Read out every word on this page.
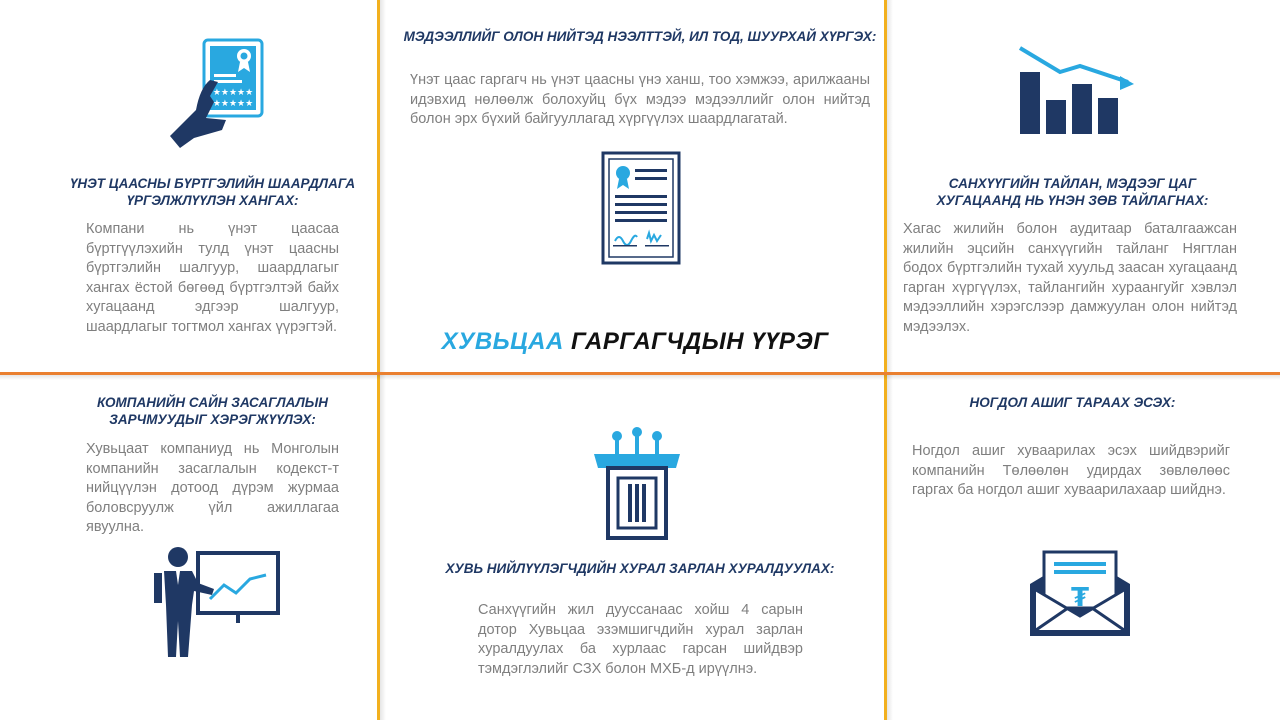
★★★★★
★★★★★
ҮНЭТ ЦААСНЫ БҮРТГЭЛИЙН ШААРДЛАГА ҮРГЭЛЖЛҮҮЛЭН ХАНГАХ:
Компани нь үнэт цаасаа бүртгүүлэхийн тулд үнэт цаасны бүртгэлийн шалгуур, шаардлагыг хангах ёстой бөгөөд бүртгэлтэй байх хугацаанд эдгээр шалгуур, шаардлагыг тогтмол хангах үүрэгтэй.
МЭДЭЭЛЛИЙГ ОЛОН НИЙТЭД НЭЭЛТТЭЙ, ИЛ ТОД, ШУУРХАЙ ХҮРГЭХ:
Үнэт цаас гаргагч нь үнэт цаасны үнэ ханш, тоо хэмжээ, арилжааны идэвхид нөлөөлж болохуйц бүх мэдээ мэдээллийг олон нийтэд болон эрх бүхий байгууллагад хүргүүлэх шаардлагатай.
ХУВЬЦАА ГАРГАГЧДЫН ҮҮРЭГ
САНХҮҮГИЙН ТАЙЛАН, МЭДЭЭГ ЦАГ ХУГАЦААНД НЬ ҮНЭН ЗӨВ ТАЙЛАГНАХ:
Хагас жилийн болон аудитаар баталгаажсан жилийн эцсийн санхүүгийн тайланг Нягтлан бодох бүртгэлийн тухай хуульд заасан хугацаанд гарган хүргүүлэх, тайлангийн хураангуйг хэвлэл мэдээллийн хэрэгслээр дамжуулан олон нийтэд мэдээлэх.
КОМПАНИЙН САЙН ЗАСАГЛАЛЫН ЗАРЧМУУДЫГ ХЭРЭГЖҮҮЛЭХ:
Хувьцаат компаниуд нь Монголын компанийн засаглалын кодекст-т нийцүүлэн дотоод дүрэм журмаа боловсруулж үйл ажиллагаа явуулна.
ХУВЬ НИЙЛҮҮЛЭГЧДИЙН ХУРАЛ ЗАРЛАН ХУРАЛДУУЛАХ:
Санхүүгийн жил дууссанаас хойш 4 сарын дотор Хувьцаа эзэмшигчдийн хурал зарлан хуралдуулах ба хурлаас гарсан шийдвэр тэмдэглэлийг СЗХ болон МХБ-д ирүүлнэ.
НОГДОЛ АШИГ ТАРААХ ЭСЭХ:
Ногдол ашиг хуваарилах эсэх шийдвэрийг компанийн Төлөөлөн удирдах зөвлөлөөс гаргах ба ногдол ашиг хуваарилахаар шийднэ.
₮
